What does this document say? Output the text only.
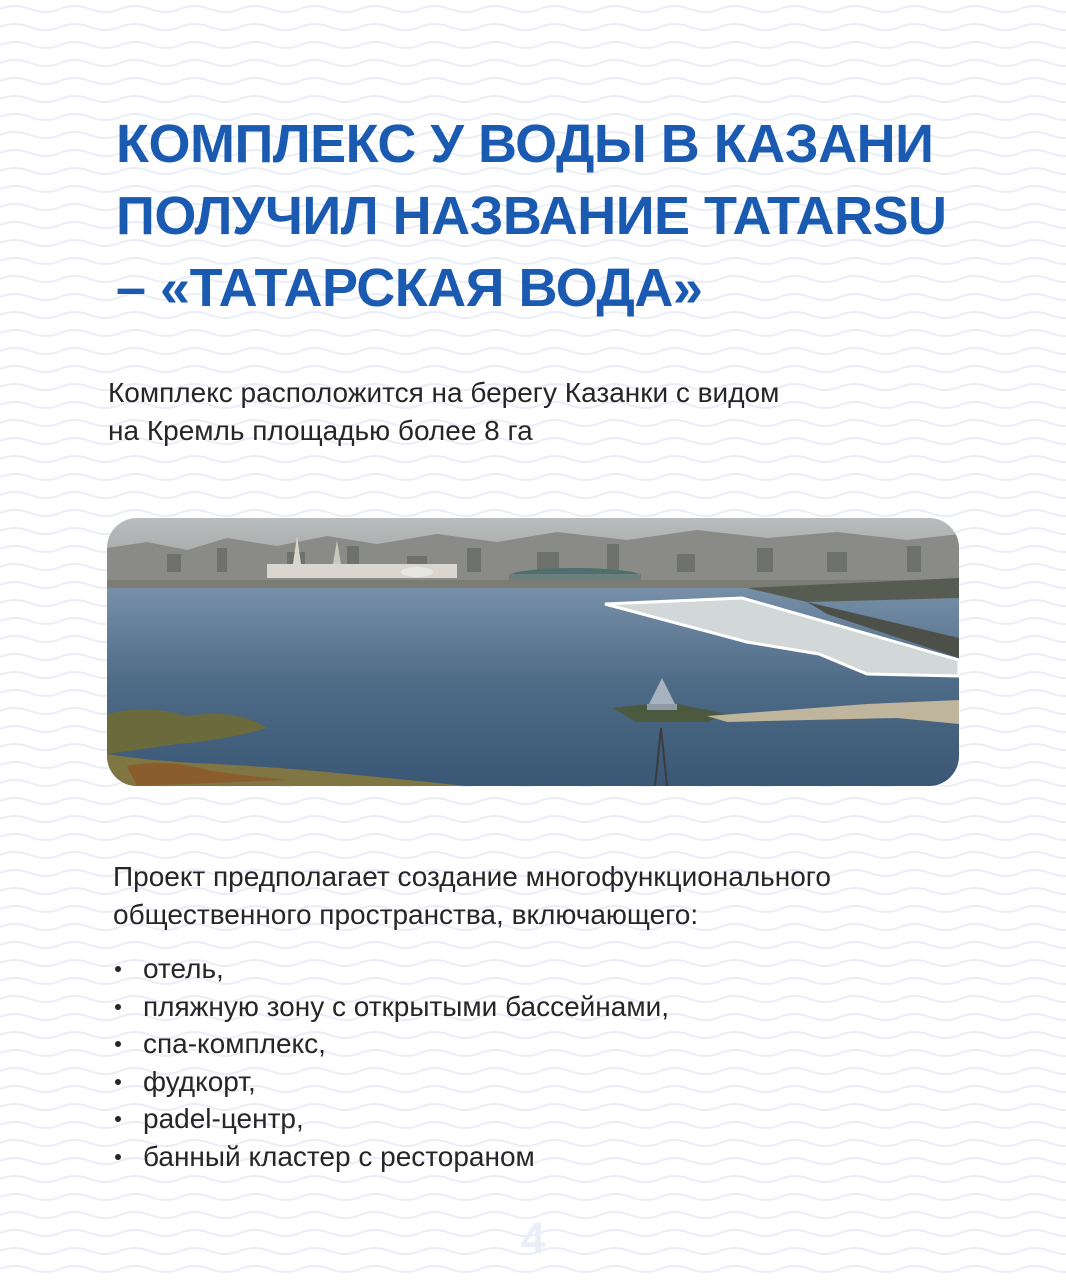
КОМПЛЕКС У ВОДЫ В КАЗАНИ
ПОЛУЧИЛ НАЗВАНИЕ TATARSU
– «ТАТАРСКАЯ ВОДА»

Комплекс расположится на берегу Казанки с видом
на Кремль площадью более 8 га

Проект предполагает создание многофункционального
общественного пространства, включающего:

отель,
пляжную зону с открытыми бассейнами,
спа-комплекс,
фудкорт,
padel-центр,
банный кластер с рестораном
4
